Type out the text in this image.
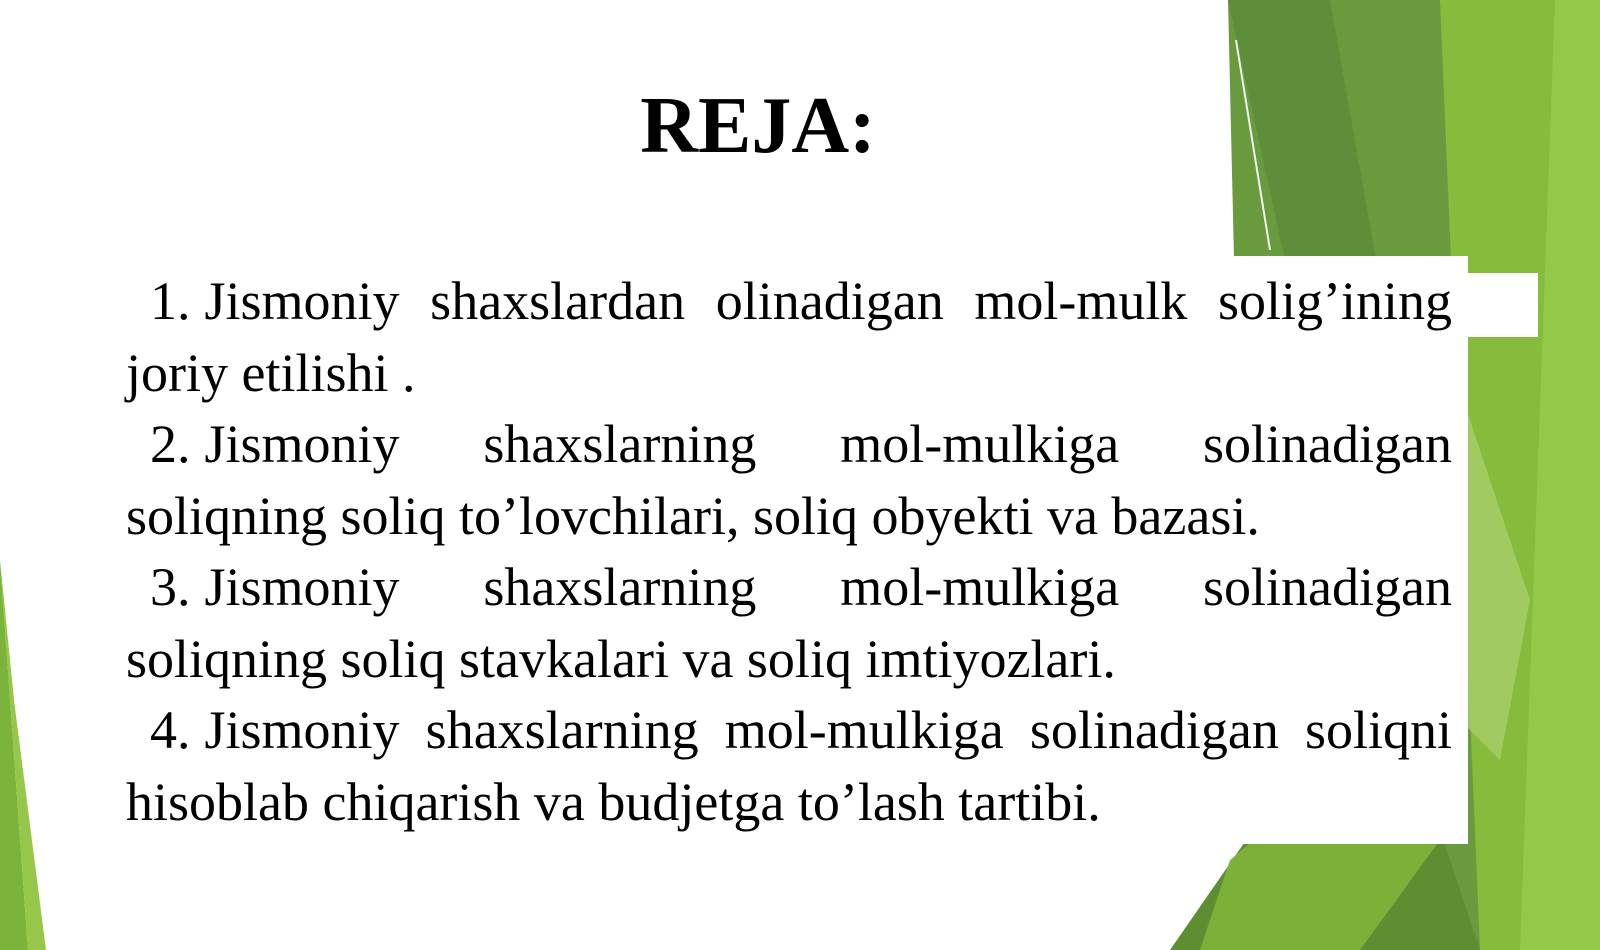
REJA:
1. Jismoniy shaxslardan olinadigan mol-mulk solig’ining joriy etilishi .
2. Jismoniy shaxslarning mol-mulkiga solinadigan soliqning soliq to’lovchilari, soliq obyekti va bazasi.
3. Jismoniy shaxslarning mol-mulkiga solinadigan soliqning soliq stavkalari va soliq imtiyozlari.
4. Jismoniy shaxslarning mol-mulkiga solinadigan soliqni hisoblab chiqarish va budjetga to’lash tartibi.
